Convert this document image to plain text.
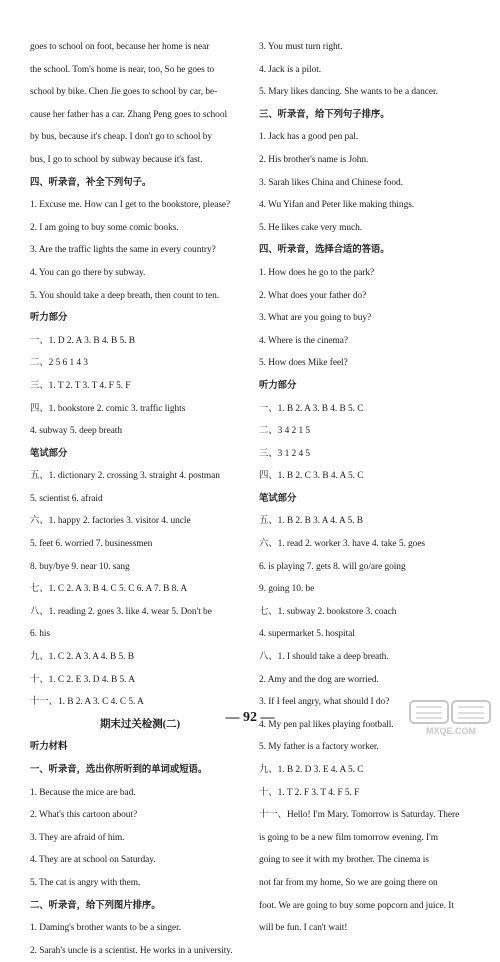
goes to school on foot, because her home is near
the school. Tom's home is near, too, So he goes to
school by bike. Chen Jie goes to school by car, be-
cause her father has a car. Zhang Peng goes to school
by bus, because it's cheap. I don't go to school by
bus, I go to school by subway because it's fast.
四、听录音，补全下列句子。
1. Excuse me. How can I get to the bookstore, please?
2. I am going to buy some comic books.
3. Are the traffic lights the same in every country?
4. You can go there by subway.
5. You should take a deep breath, then count to ten.
听力部分
一、1. D 2. A 3. B 4. B 5. B
二、2 5 6 1 4 3
三、1. T 2. T 3. T 4. F 5. F
四、1. bookstore 2. comic 3. traffic lights
4. subway 5. deep breath
笔试部分
五、1. dictionary 2. crossing 3. straight 4. postman
5. scientist 6. afraid
六、1. happy 2. factories 3. visitor 4. uncle
5. feet 6. worried 7. businessmen
8. buy/bye 9. near 10. sang
七、1. C 2. A 3. B 4. C 5. C 6. A 7. B 8. A
八、1. reading 2. goes 3. like 4. wear 5. Don't be
6. his
九、1. C 2. A 3. A 4. B 5. B
十、1. C 2. E 3. D 4. B 5. A
十一、1. B 2. A 3. C 4. C 5. A
期末过关检测(二)
听力材料
一、听录音，选出你所听到的单词或短语。
1. Because the mice are bad.
2. What's this cartoon about?
3. They are afraid of him.
4. They are at school on Saturday.
5. The cat is angry with them.
二、听录音，给下列图片排序。
1. Daming's brother wants to be a singer.
2. Sarah's uncle is a scientist. He works in a university.
3. You must turn right.
4. Jack is a pilot.
5. Mary likes dancing. She wants to be a dancer.
三、听录音，给下列句子排序。
1. Jack has a good pen pal.
2. His brother's name is John.
3. Sarah likes China and Chinese food.
4. Wu Yifan and Peter like making things.
5. He likes cake very much.
四、听录音，选择合适的答语。
1. How does he go to the park?
2. What does your father do?
3. What are you going to buy?
4. Where is the cinema?
5. How does Mike feel?
听力部分
一、1. B 2. A 3. B 4. B 5. C
二、3 4 2 1 5
三、3 1 2 4 5
四、1. B 2. C 3. B 4. A 5. C
笔试部分
五、1. B 2. B 3. A 4. A 5. B
六、1. read 2. worker 3. have 4. take 5. goes
6. is playing 7. gets 8. will go/are going
9. going 10. be
七、1. subway 2. bookstore 3. coach
4. supermarket 5. hospital
八、1. I should take a deep breath.
2. Amy and the dog are worried.
3. If I feel angry, what should I do?
4. My pen pal likes playing football.
5. My father is a factory worker.
九、1. B 2. D 3. E 4. A 5. C
十、1. T 2. F 3. T 4. F 5. F
十一、Hello! I'm Mary. Tomorrow is Saturday. There
is going to be a new film tomorrow evening. I'm
going to see it with my brother. The cinema is
not far from my home, So we are going there on
foot. We are going to buy some popcorn and juice. It
will be fun. I can't wait!
— 92 —
MXQE.COM
